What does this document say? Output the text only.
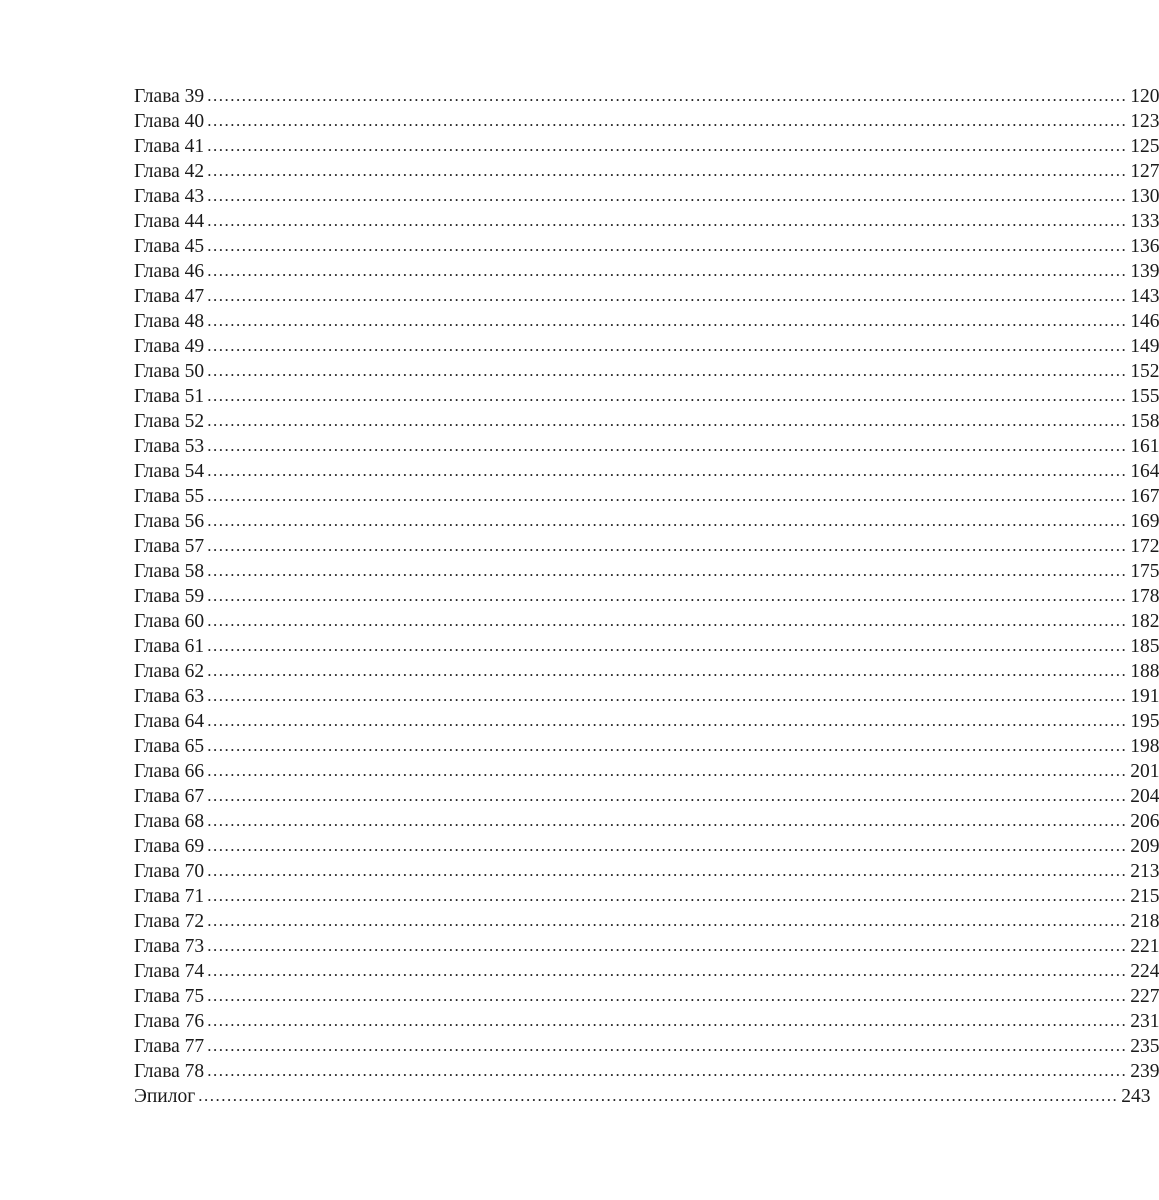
Глава 39 ................................................................................................................................................................ 120
Глава 40 ................................................................................................................................................................ 123
Глава 41 ................................................................................................................................................................ 125
Глава 42 ................................................................................................................................................................ 127
Глава 43 ................................................................................................................................................................ 130
Глава 44 ................................................................................................................................................................ 133
Глава 45 ................................................................................................................................................................ 136
Глава 46 ................................................................................................................................................................ 139
Глава 47 ................................................................................................................................................................ 143
Глава 48 ................................................................................................................................................................ 146
Глава 49 ................................................................................................................................................................ 149
Глава 50 ................................................................................................................................................................ 152
Глава 51 ................................................................................................................................................................ 155
Глава 52 ................................................................................................................................................................ 158
Глава 53 ................................................................................................................................................................ 161
Глава 54 ................................................................................................................................................................ 164
Глава 55 ................................................................................................................................................................ 167
Глава 56 ................................................................................................................................................................ 169
Глава 57 ................................................................................................................................................................ 172
Глава 58 ................................................................................................................................................................ 175
Глава 59 ................................................................................................................................................................ 178
Глава 60 ................................................................................................................................................................ 182
Глава 61 ................................................................................................................................................................ 185
Глава 62 ................................................................................................................................................................ 188
Глава 63 ................................................................................................................................................................ 191
Глава 64 ................................................................................................................................................................ 195
Глава 65 ................................................................................................................................................................ 198
Глава 66 ................................................................................................................................................................ 201
Глава 67 ................................................................................................................................................................ 204
Глава 68 ................................................................................................................................................................ 206
Глава 69 ................................................................................................................................................................ 209
Глава 70 ................................................................................................................................................................ 213
Глава 71 ................................................................................................................................................................ 215
Глава 72 ................................................................................................................................................................ 218
Глава 73 ................................................................................................................................................................ 221
Глава 74 ................................................................................................................................................................ 224
Глава 75 ................................................................................................................................................................ 227
Глава 76 ................................................................................................................................................................ 231
Глава 77 ................................................................................................................................................................ 235
Глава 78 ................................................................................................................................................................ 239
Эпилог ................................................................................................................................................................ 243
